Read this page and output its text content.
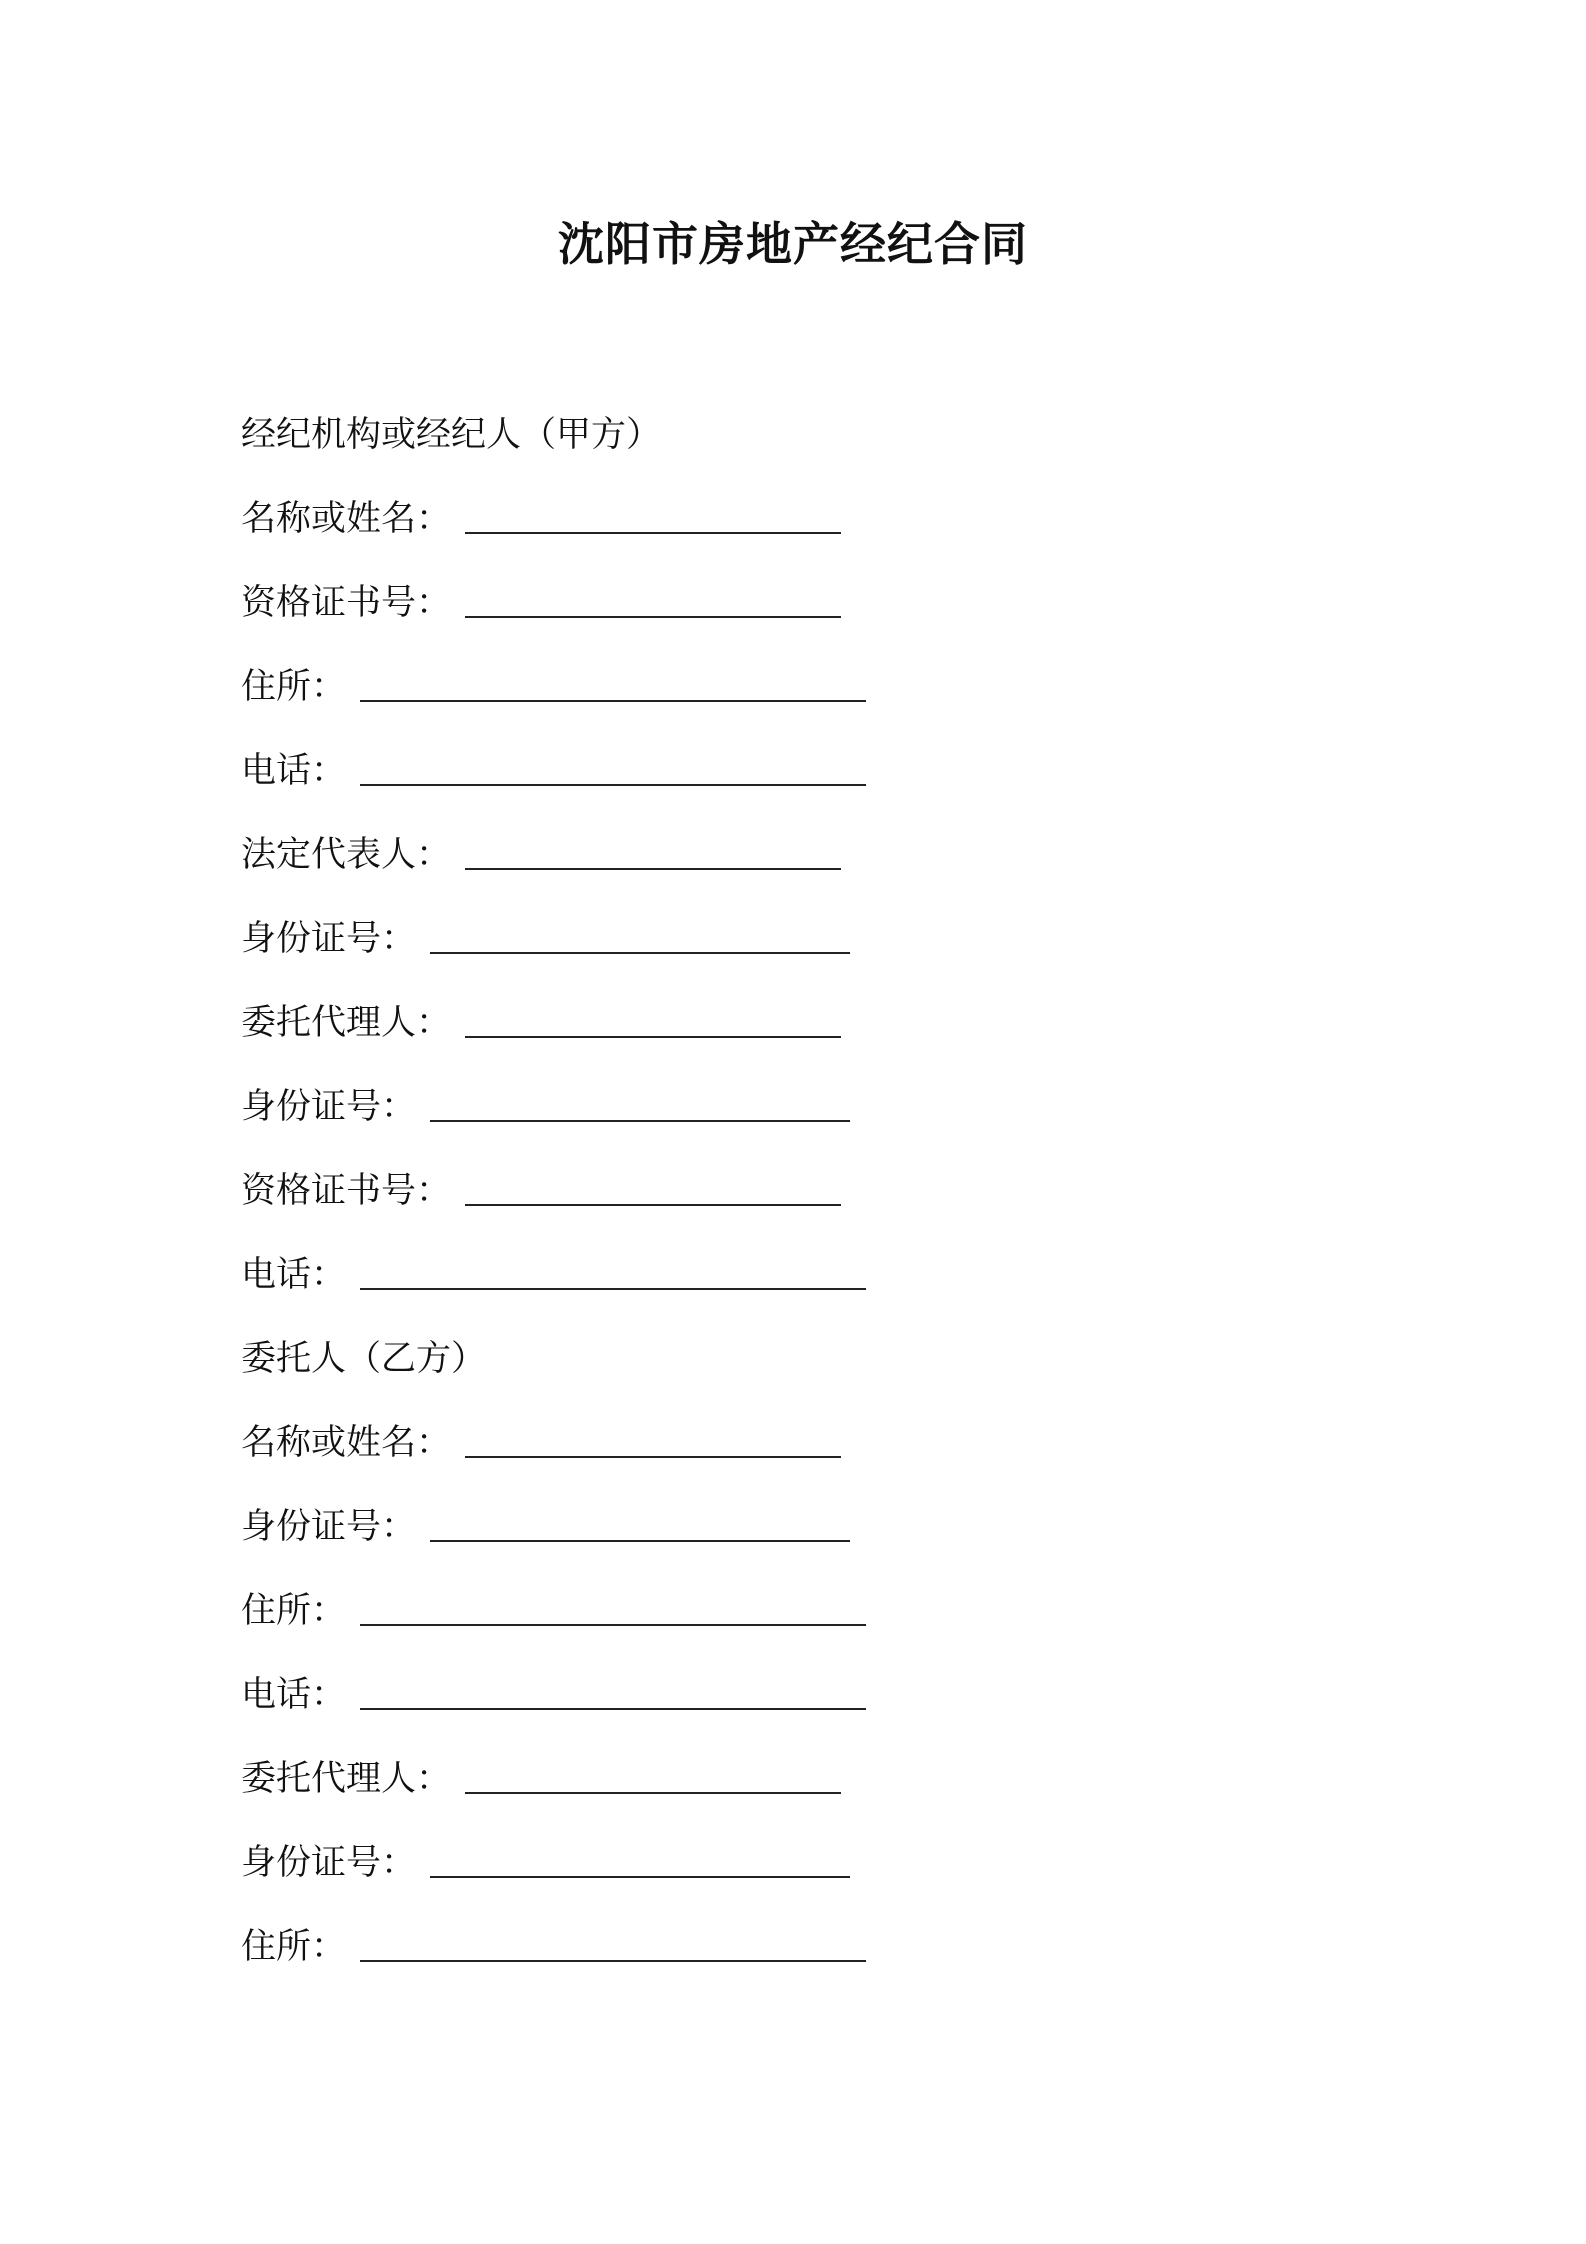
沈阳市房地产经纪合同
经纪机构或经纪人（甲方）
名称或姓名：
资格证书号：
住所：
电话：
法定代表人：
身份证号：
委托代理人：
身份证号：
资格证书号：
电话：
委托人（乙方）
名称或姓名：
身份证号：
住所：
电话：
委托代理人：
身份证号：
住所：
